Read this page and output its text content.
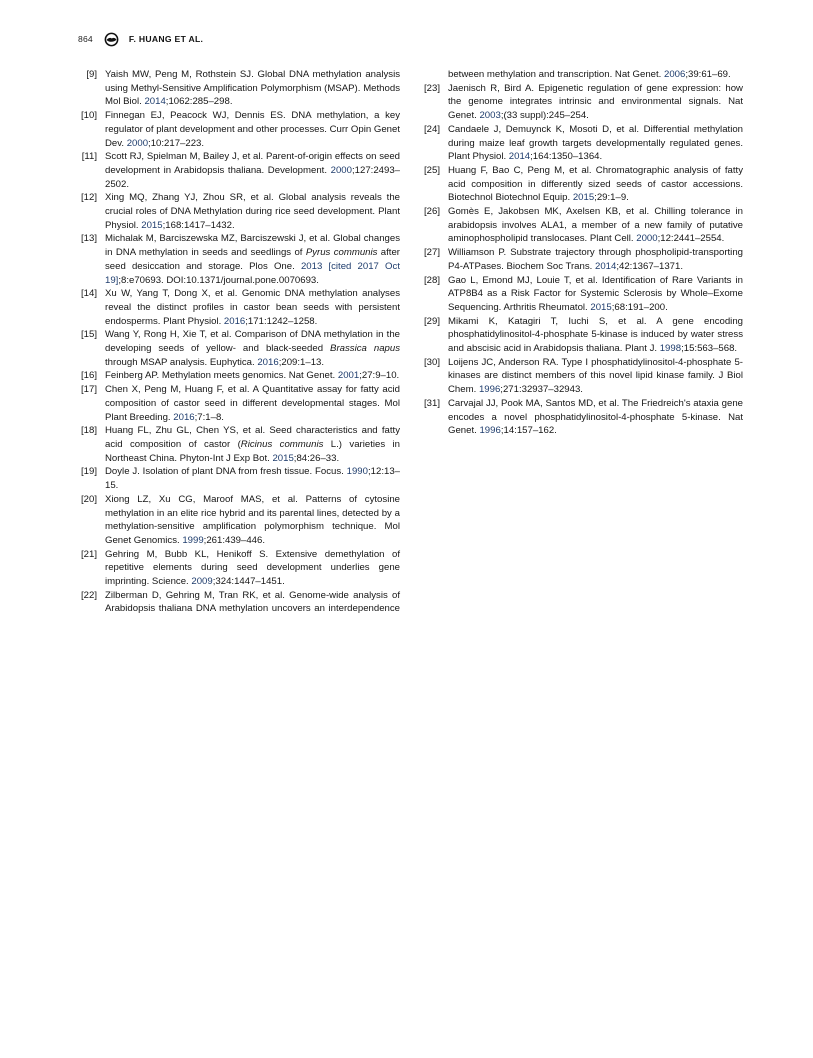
864	F. HUANG ET AL.
[9] Yaish MW, Peng M, Rothstein SJ. Global DNA methylation analysis using Methyl-Sensitive Amplification Polymorphism (MSAP). Methods Mol Biol. 2014;1062:285–298.
[10] Finnegan EJ, Peacock WJ, Dennis ES. DNA methylation, a key regulator of plant development and other processes. Curr Opin Genet Dev. 2000;10:217–223.
[11] Scott RJ, Spielman M, Bailey J, et al. Parent-of-origin effects on seed development in Arabidopsis thaliana. Development. 2000;127:2493–2502.
[12] Xing MQ, Zhang YJ, Zhou SR, et al. Global analysis reveals the crucial roles of DNA Methylation during rice seed development. Plant Physiol. 2015;168:1417–1432.
[13] Michalak M, Barciszewska MZ, Barciszewski J, et al. Global changes in DNA methylation in seeds and seedlings of Pyrus communis after seed desiccation and storage. Plos One. 2013 [cited 2017 Oct 19];8:e70693. DOI:10.1371/journal.pone.0070693.
[14] Xu W, Yang T, Dong X, et al. Genomic DNA methylation analyses reveal the distinct profiles in castor bean seeds with persistent endosperms. Plant Physiol. 2016;171:1242–1258.
[15] Wang Y, Rong H, Xie T, et al. Comparison of DNA methylation in the developing seeds of yellow- and black-seeded Brassica napus through MSAP analysis. Euphytica. 2016;209:1–13.
[16] Feinberg AP. Methylation meets genomics. Nat Genet. 2001;27:9–10.
[17] Chen X, Peng M, Huang F, et al. A Quantitative assay for fatty acid composition of castor seed in different developmental stages. Mol Plant Breeding. 2016;7:1–8.
[18] Huang FL, Zhu GL, Chen YS, et al. Seed characteristics and fatty acid composition of castor (Ricinus communis L.) varieties in Northeast China. Phyton-Int J Exp Bot. 2015;84:26–33.
[19] Doyle J. Isolation of plant DNA from fresh tissue. Focus. 1990;12:13–15.
[20] Xiong LZ, Xu CG, Maroof MAS, et al. Patterns of cytosine methylation in an elite rice hybrid and its parental lines, detected by a methylation-sensitive amplification polymorphism technique. Mol Genet Genomics. 1999;261:439–446.
[21] Gehring M, Bubb KL, Henikoff S. Extensive demethylation of repetitive elements during seed development underlies gene imprinting. Science. 2009;324:1447–1451.
[22] Zilberman D, Gehring M, Tran RK, et al. Genome-wide analysis of Arabidopsis thaliana DNA methylation uncovers an interdependence between methylation and transcription. Nat Genet. 2006;39:61–69.
[23] Jaenisch R, Bird A. Epigenetic regulation of gene expression: how the genome integrates intrinsic and environmental signals. Nat Genet. 2003;(33 suppl):245–254.
[24] Candaele J, Demuynck K, Mosoti D, et al. Differential methylation during maize leaf growth targets developmentally regulated genes. Plant Physiol. 2014;164:1350–1364.
[25] Huang F, Bao C, Peng M, et al. Chromatographic analysis of fatty acid composition in differently sized seeds of castor accessions. Biotechnol Biotechnol Equip. 2015;29:1–9.
[26] Gomès E, Jakobsen MK, Axelsen KB, et al. Chilling tolerance in arabidopsis involves ALA1, a member of a new family of putative aminophospholipid translocases. Plant Cell. 2000;12:2441–2554.
[27] Williamson P. Substrate trajectory through phospholipid-transporting P4-ATPases. Biochem Soc Trans. 2014;42:1367–1371.
[28] Gao L, Emond MJ, Louie T, et al. Identification of Rare Variants in ATP8B4 as a Risk Factor for Systemic Sclerosis by Whole–Exome Sequencing. Arthritis Rheumatol. 2015;68:191–200.
[29] Mikami K, Katagiri T, Iuchi S, et al. A gene encoding phosphatidylinositol-4-phosphate 5-kinase is induced by water stress and abscisic acid in Arabidopsis thaliana. Plant J. 1998;15:563–568.
[30] Loijens JC, Anderson RA. Type I phosphatidylinositol-4-phosphate 5-kinases are distinct members of this novel lipid kinase family. J Biol Chem. 1996;271:32937–32943.
[31] Carvajal JJ, Pook MA, Santos MD, et al. The Friedreich's ataxia gene encodes a novel phosphatidylinositol-4-phosphate 5-kinase. Nat Genet. 1996;14:157–162.
